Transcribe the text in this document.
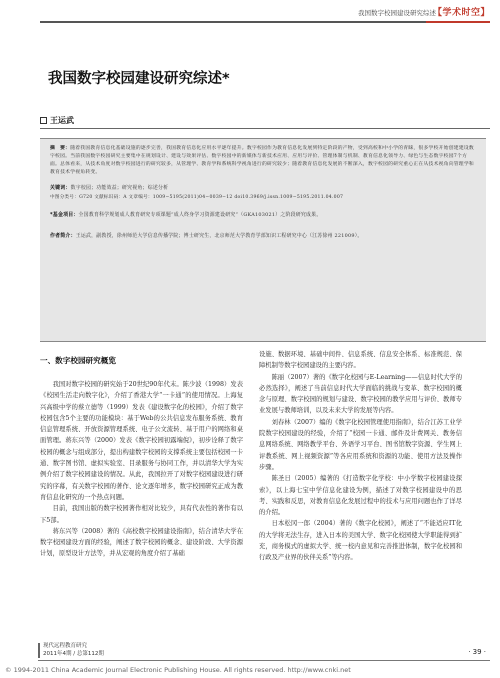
我国数字校园建设研究综述
【学术时空】
我国数字校园建设研究综述*
王运武
摘　要：随着我国教育信息化基础设施的逐步完善，我国教育信息化应用水平逐年提升。数字校园作为教育信息化发展到特定阶段的产物，受到高校和中小学的青睐，很多学校开始创建建设数字校园。当前我国数字校园研究主要集中在规划设计、建设与效果评估、数字校园中的新媒体与新技术应用、应用与评价、管理体制与机制、教育信息化领导力、绿色与生态数字校园7个方面。总体看来，从技术角度对数字校园进行的研究较多，从管理学、教育学和系统科学视角进行的研究较少；随着教育信息化发展的不断深入，数字校园的研究重心正在从技术视角向管理学和教育技术学视角转变。
关键词：数字校园；功能效益；研究视角；综述分析
中图分类号：G720 文献标识码：A 文章编号：1009−5195(2011)04−0039−12 doi10.3969/j.issn.1009−5195.2011.04.007
*基金项目：全国教育科学规划成人教育研究专项课题“成人终身学习资源建设研究”（GKA103021）之阶段研究成果。
作者简介：王运武，副教授，徐州师范大学信息传播学院；博士研究生，北京师范大学教育学部知识工程研究中心（江苏徐州 221009）。
一、数字校园研究概览

我国对数字校园的研究始于20世纪90年代末。陈少波（1998）发表《校园生活走向数字化》，介绍了香港大学“一卡通”的使用情况。上海复兴高级中学的蔡立德等（1999）发表《建设数字化的校园》，介绍了数字校园包含5个主要的功能模块：基于Web的公共信息发布服务系统、教育信息管理系统、开放资源管理系统、电子公文流转、基于用户的网络和桌面管理。蒋东兴等（2000）发表《数字校园初露端倪》，初步诠释了数字校园的概念与组成部分，提出构建数字校园的支撑系统主要包括校园一卡通、数字图书馆、虚拟实验室、目录服务与协同工作，并以清华大学为实例介绍了数字校园建设的情况。从此，我国拉开了对数字校园建设进行研究的序幕，有关数字校园的著作、论文逐年增多，数字校园研究正成为教育信息化研究的一个热点问题。

目前，我国出版的数字校园著作相对比较少，具有代表性的著作有以下5部。

蒋东兴等（2008）著的《高校数字校园建设指南》，结合清华大学在数字校园建设方面的经验，阐述了数字校园的概念、建设阶段、大学资源计划，原型设计方法等，并从宏观的角度介绍了基础

设施、数据环境、基础中间件、信息系统、信息安全体系、标准规范、保障机制等数字校园建设的主要内容。

陈丽（2007）著的《数字化校园与E-Learning——信息时代大学的必然选择》，阐述了当前信息时代大学面临的挑战与变革、数字校园的概念与原理、数字校园的规划与建设、数字校园的教学应用与评价、教师专业发展与教师培训，以及未来大学的发展等内容。

刘春林（2007）编的《数字化校园管理使用指南》，结合江苏工业学院数字校园建设的经验，介绍了“校园一卡通、邮件及计费网关、教务信息网络系统、网络教学平台、外语学习平台、图书馆数字资源、学生网上评教系统、网上视频资源”等各应用系统和资源的功能、使用方法及操作步骤。

陈圣日（2005）编著的《打造数字化学校：中小学数字校园建设探索》，以上海七宝中学信息化建设为例，描述了对数字校园建设中的思考、实践和反思，对教育信息化发展过程中的技术与应用问题也作了详尽的介绍。

日本松冈一郎（2004）著的《数字化校园》，阐述了“不能适应IT化的大学将无法生存，进入日本的美国大学、数字化校园使大学职能得到扩充，商务模式的虚拟大学、统一校内意见和完善推进体制，数字化校园和行政及产业界的伙伴关系”等内容。

现代远程教育研究
2011年4期 / 总第112期	· 39 ·
© 1994-2011 China Academic Journal Electronic Publishing House. All rights reserved. http://www.cnki.net
